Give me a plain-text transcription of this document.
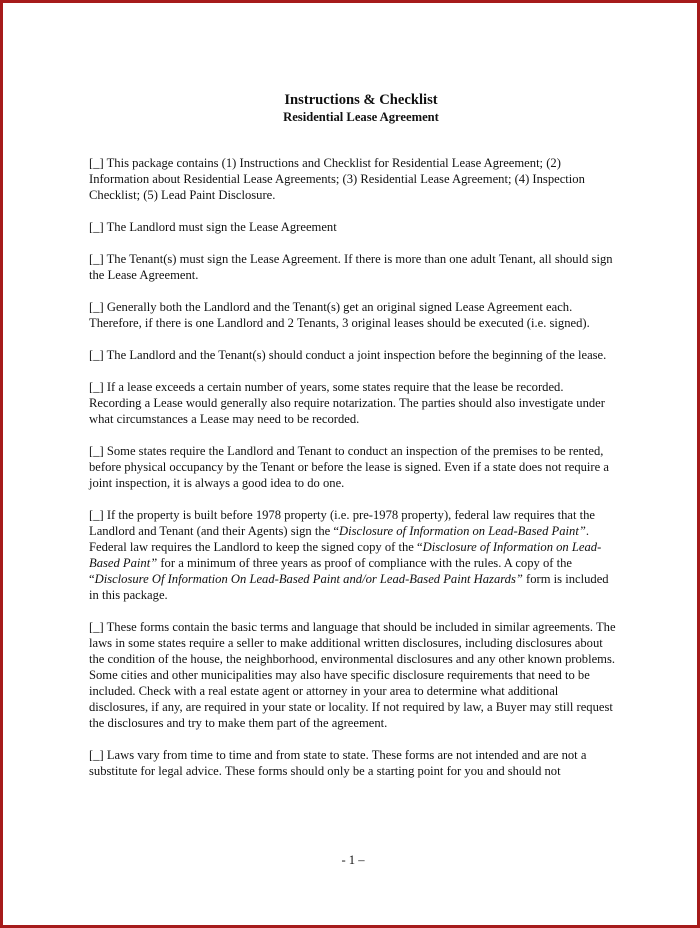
Instructions & Checklist

Residential Lease Agreement

[_] This package contains (1) Instructions and Checklist for Residential Lease Agreement; (2) Information about Residential Lease Agreements; (3) Residential Lease Agreement; (4) Inspection Checklist; (5) Lead Paint Disclosure.

[_] The Landlord must sign the Lease Agreement

[_] The Tenant(s) must sign the Lease Agreement. If there is more than one adult Tenant, all should sign the Lease Agreement.

[_] Generally both the Landlord and the Tenant(s) get an original signed Lease Agreement each. Therefore, if there is one Landlord and 2 Tenants, 3 original leases should be executed (i.e. signed).

[_] The Landlord and the Tenant(s) should conduct a joint inspection before the beginning of the lease.

[_] If a lease exceeds a certain number of years, some states require that the lease be recorded. Recording a Lease would generally also require notarization. The parties should also investigate under what circumstances a Lease may need to be recorded.

[_] Some states require the Landlord and Tenant to conduct an inspection of the premises to be rented, before physical occupancy by the Tenant or before the lease is signed. Even if a state does not require a joint inspection, it is always a good idea to do one.

[_] If the property is built before 1978 property (i.e. pre-1978 property), federal law requires that the Landlord and Tenant (and their Agents) sign the “Disclosure of Information on Lead-Based Paint”. Federal law requires the Landlord to keep the signed copy of the “Disclosure of Information on Lead-Based Paint” for a minimum of three years as proof of compliance with the rules. A copy of the “Disclosure Of Information On Lead-Based Paint and/or Lead-Based Paint Hazards” form is included in this package.

[_] These forms contain the basic terms and language that should be included in similar agreements. The laws in some states require a seller to make additional written disclosures, including disclosures about the condition of the house, the neighborhood, environmental disclosures and any other known problems. Some cities and other municipalities may also have specific disclosure requirements that need to be included. Check with a real estate agent or attorney in your area to determine what additional disclosures, if any, are required in your state or locality. If not required by law, a Buyer may still request the disclosures and try to make them part of the agreement.

[_] Laws vary from time to time and from state to state. These forms are not intended and are not a substitute for legal advice. These forms should only be a starting point for you and should not

- 1 –
